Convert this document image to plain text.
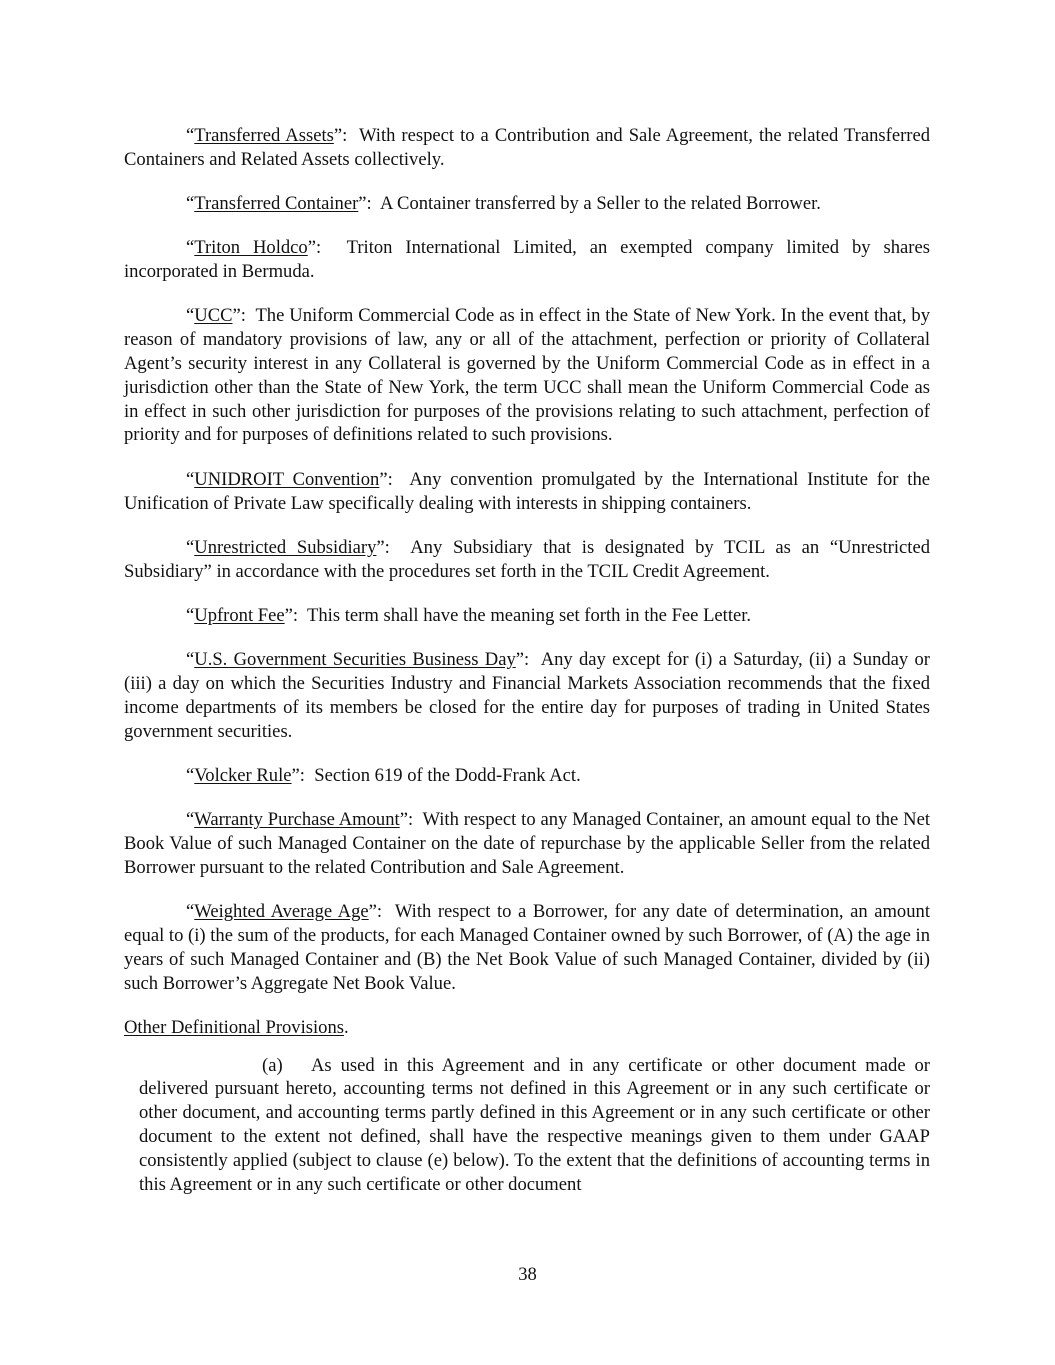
“Transferred Assets”:  With respect to a Contribution and Sale Agreement, the related Transferred Containers and Related Assets collectively.

“Transferred Container”:  A Container transferred by a Seller to the related Borrower.

“Triton Holdco”:  Triton International Limited, an exempted company limited by shares incorporated in Bermuda.

“UCC”:  The Uniform Commercial Code as in effect in the State of New York. In the event that, by reason of mandatory provisions of law, any or all of the attachment, perfection or priority of Collateral Agent’s security interest in any Collateral is governed by the Uniform Commercial Code as in effect in a jurisdiction other than the State of New York, the term UCC shall mean the Uniform Commercial Code as in effect in such other jurisdiction for purposes of the provisions relating to such attachment, perfection of priority and for purposes of definitions related to such provisions.

“UNIDROIT Convention”:  Any convention promulgated by the International Institute for the Unification of Private Law specifically dealing with interests in shipping containers.

“Unrestricted Subsidiary”:  Any Subsidiary that is designated by TCIL as an “Unrestricted Subsidiary” in accordance with the procedures set forth in the TCIL Credit Agreement.

“Upfront Fee”:  This term shall have the meaning set forth in the Fee Letter.

“U.S. Government Securities Business Day”:  Any day except for (i) a Saturday, (ii) a Sunday or (iii) a day on which the Securities Industry and Financial Markets Association recommends that the fixed income departments of its members be closed for the entire day for purposes of trading in United States government securities.

“Volcker Rule”:  Section 619 of the Dodd-Frank Act.

“Warranty Purchase Amount”:  With respect to any Managed Container, an amount equal to the Net Book Value of such Managed Container on the date of repurchase by the applicable Seller from the related Borrower pursuant to the related Contribution and Sale Agreement.

“Weighted Average Age”:  With respect to a Borrower, for any date of determination, an amount equal to (i) the sum of the products, for each Managed Container owned by such Borrower, of (A) the age in years of such Managed Container and (B) the Net Book Value of such Managed Container, divided by (ii) such Borrower’s Aggregate Net Book Value.

Other Definitional Provisions.

(a) As used in this Agreement and in any certificate or other document made or delivered pursuant hereto, accounting terms not defined in this Agreement or in any such certificate or other document, and accounting terms partly defined in this Agreement or in any such certificate or other document to the extent not defined, shall have the respective meanings given to them under GAAP consistently applied (subject to clause (e) below). To the extent that the definitions of accounting terms in this Agreement or in any such certificate or other document

38
